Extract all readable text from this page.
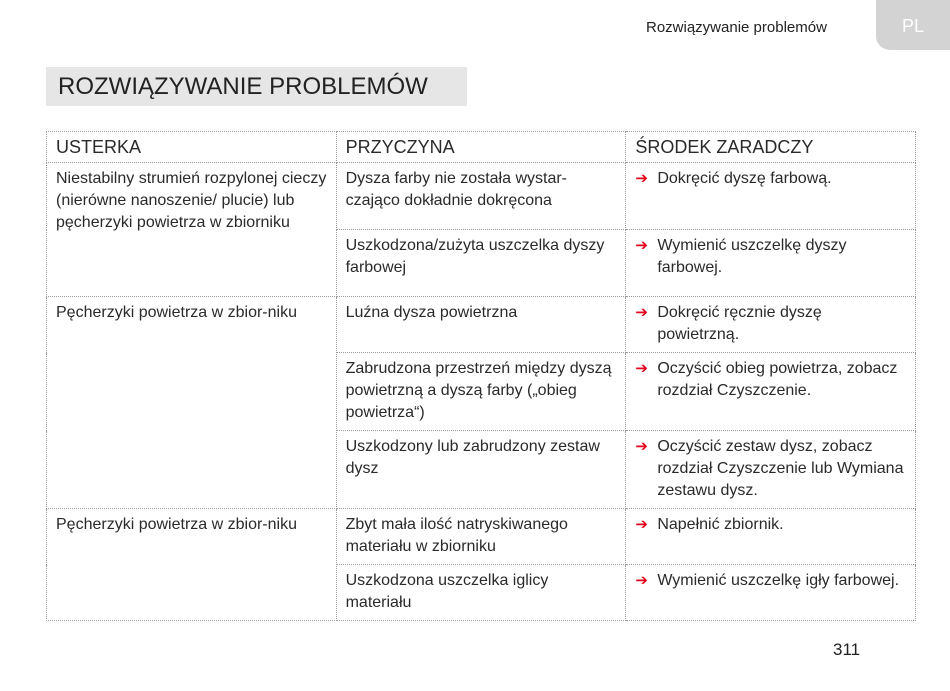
Rozwiązywanie problemów	PL
ROZWIĄZYWANIE PROBLEMÓW
USTERKA	PRZYCZYNA	ŚRODEK ZARADCZY
Niestabilny strumień rozpylonej cieczy (nierówne nanoszenie/ plucie) lub pęcherzyki powietrza w zbiorniku	Dysza farby nie została wystar-czająco dokładnie dokręcona	➔ Dokręcić dyszę farbową.

	Uszkodzona/zużyta uszczelka dyszy farbowej	➔ Wymienić uszczelkę dyszy farbowej.

Pęcherzyki powietrza w zbior-niku	Luźna dysza powietrzna	➔ Dokręcić ręcznie dyszę powietrzną.

	Zabrudzona przestrzeń między dyszą powietrzną a dyszą farby („obieg powietrza“)	➔ Oczyścić obieg powietrza, zobacz rozdział Czyszczenie.

	Uszkodzony lub zabrudzony zestaw dysz	➔ Oczyścić zestaw dysz, zobacz rozdział Czyszczenie lub Wymiana zestawu dysz.

Pęcherzyki powietrza w zbior-niku	Zbyt mała ilość natryskiwanego materiału w zbiorniku	➔ Napełnić zbiornik.

	Uszkodzona uszczelka iglicy materiału	➔ Wymienić uszczelkę igły farbowej.
311
